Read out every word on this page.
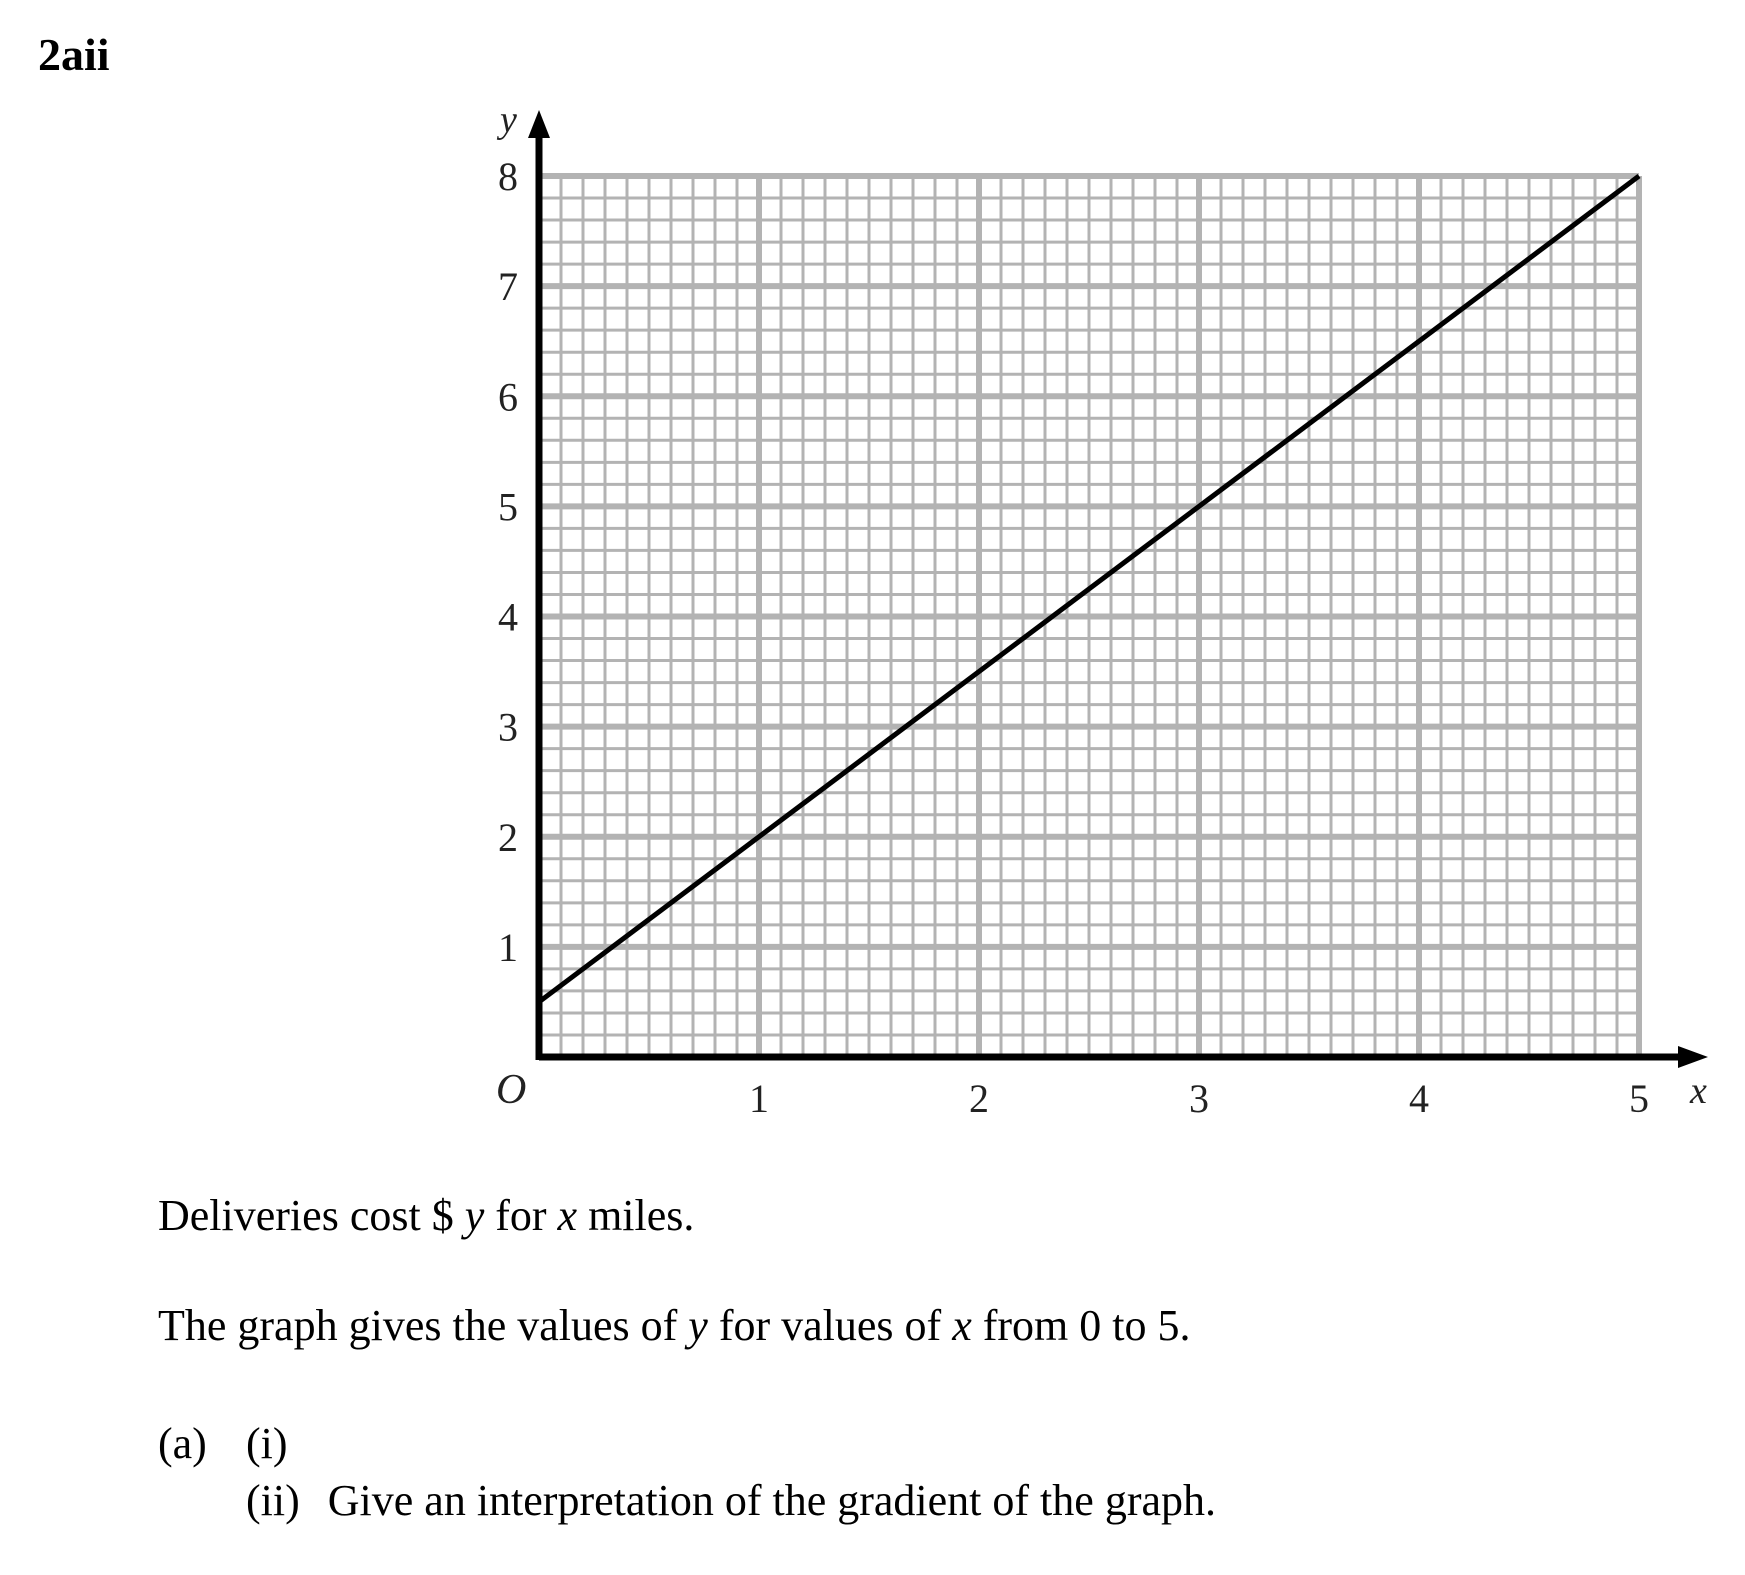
2aii
1	2	3	4	5
1
2
3
4
5
6
7
8
y
x
O
Deliveries cost $ y for x miles.
The graph gives the values of y for values of x from 0 to 5.
(a) (i)
(ii) Give an interpretation of the gradient of the graph.
